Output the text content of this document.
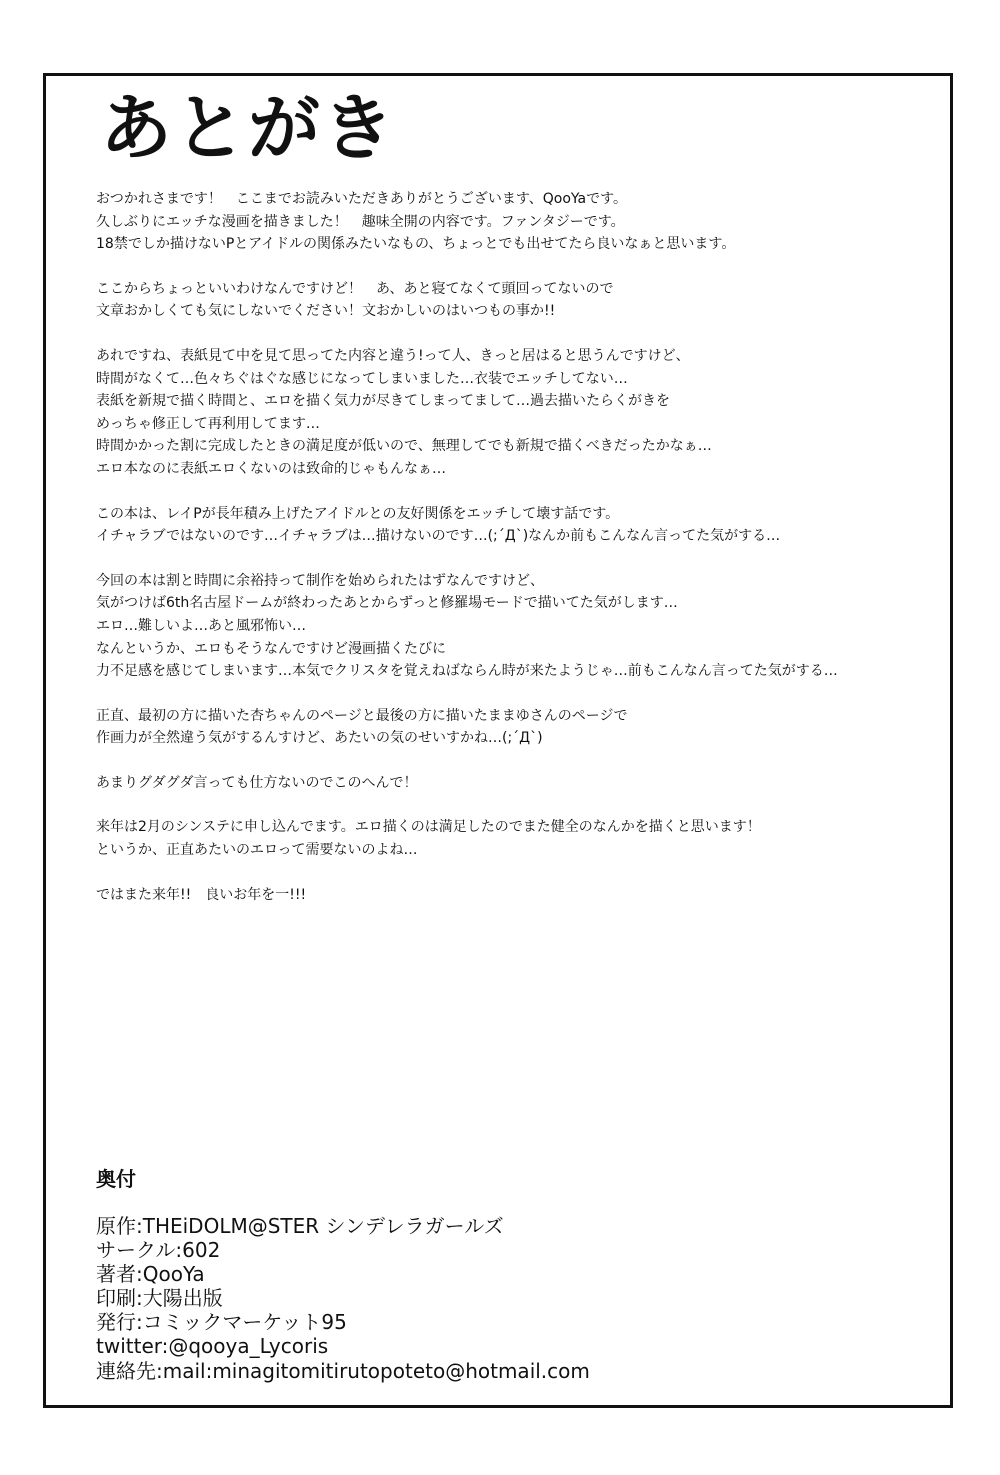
あとがき

おつかれさまです！　ここまでお読みいただきありがとうございます、QooYaです。
久しぶりにエッチな漫画を描きました！　趣味全開の内容です。ファンタジーです。
18禁でしか描けないPとアイドルの関係みたいなもの、ちょっとでも出せてたら良いなぁと思います。

ここからちょっといいわけなんですけど！　あ、あと寝てなくて頭回ってないので
文章おかしくても気にしないでください！文おかしいのはいつもの事か!!

あれですね、表紙見て中を見て思ってた内容と違う!って人、きっと居はると思うんですけど、
時間がなくて…色々ちぐはぐな感じになってしまいました…衣装でエッチしてない…
表紙を新規で描く時間と、エロを描く気力が尽きてしまってまして…過去描いたらくがきを
めっちゃ修正して再利用してます…
時間かかった割に完成したときの満足度が低いので、無理してでも新規で描くべきだったかなぁ…
エロ本なのに表紙エロくないのは致命的じゃもんなぁ…

この本は、レイPが長年積み上げたアイドルとの友好関係をエッチして壊す話です。
イチャラブではないのです…イチャラブは…描けないのです…(;´Д`)なんか前もこんなん言ってた気がする…

今回の本は割と時間に余裕持って制作を始められたはずなんですけど、
気がつけば6th名古屋ドームが終わったあとからずっと修羅場モードで描いてた気がします…
エロ…難しいよ…あと風邪怖い…
なんというか、エロもそうなんですけど漫画描くたびに
力不足感を感じてしまいます…本気でクリスタを覚えねばならん時が来たようじゃ…前もこんなん言ってた気がする…

正直、最初の方に描いた杏ちゃんのページと最後の方に描いたままゆさんのページで
作画力が全然違う気がするんすけど、あたいの気のせいすかね…(;´Д`)

あまりグダグダ言っても仕方ないのでこのへんで！

来年は2月のシンステに申し込んでます。エロ描くのは満足したのでまた健全のなんかを描くと思います！
というか、正直あたいのエロって需要ないのよね…

ではまた来年!!　良いお年を一!!!

奥付
原作:THEiDOLM@STER シンデレラガールズ
サークル:602
著者:QooYa
印刷:大陽出版
発行:コミックマーケット95
twitter:@qooya_Lycoris
連絡先:mail:minagitomitirutopoteto@hotmail.com
